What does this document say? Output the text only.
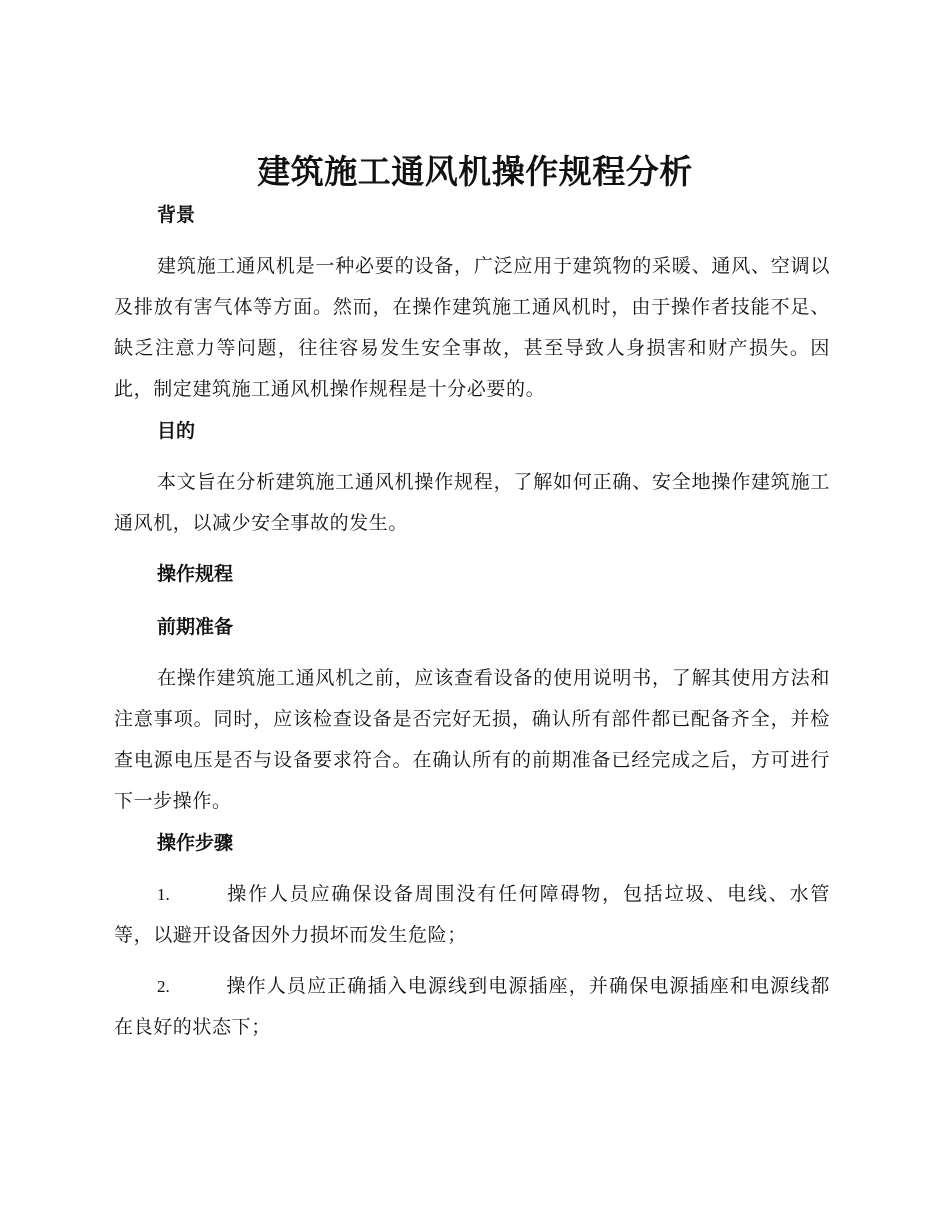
建筑施工通风机操作规程分析
背景

建筑施工通风机是一种必要的设备，广泛应用于建筑物的采暖、通风、空调以及排放有害气体等方面。然而，在操作建筑施工通风机时，由于操作者技能不足、缺乏注意力等问题，往往容易发生安全事故，甚至导致人身损害和财产损失。因此，制定建筑施工通风机操作规程是十分必要的。

目的

本文旨在分析建筑施工通风机操作规程，了解如何正确、安全地操作建筑施工通风机，以减少安全事故的发生。

操作规程
前期准备

在操作建筑施工通风机之前，应该查看设备的使用说明书，了解其使用方法和注意事项。同时，应该检查设备是否完好无损，确认所有部件都已配备齐全，并检查电源电压是否与设备要求符合。在确认所有的前期准备已经完成之后，方可进行下一步操作。

操作步骤

1.	操作人员应确保设备周围没有任何障碍物，包括垃圾、电线、水管等，以避开设备因外力损坏而发生危险；

2.	操作人员应正确插入电源线到电源插座，并确保电源插座和电源线都在良好的状态下；
